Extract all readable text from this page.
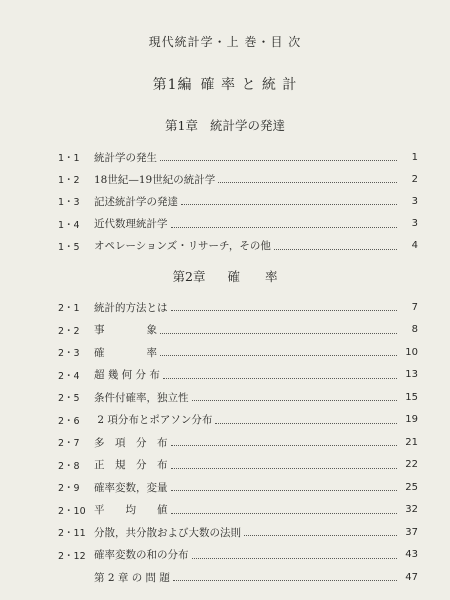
現代統計学・上 巻・目 次
第1編 確 率 と 統 計
第1章 統計学の発達
1・1	統計学の発生	1
1・2	18世紀—19世紀の統計学	2
1・3	記述統計学の発達	3
1・4	近代数理統計学	3
1・5	オペレーションズ・リサーチ，その他	4
第2章 確　　率
2・1	統計的方法とは	7
2・2	事　　　　象	8
2・3	確　　　　率	10
2・4	超 幾 何 分 布	13
2・5	条件付確率，独立性	15
2・6	2 項分布とポアソン分布	19
2・7	多　項　分　布	21
2・8	正　規　分　布	22
2・9	確率変数，変量	25
2・10 平　　均　　値	32
2・11 分散，共分散および大数の法則	37
2・12 確率変数の和の分布	43
第 2 章 の 問 題	47
